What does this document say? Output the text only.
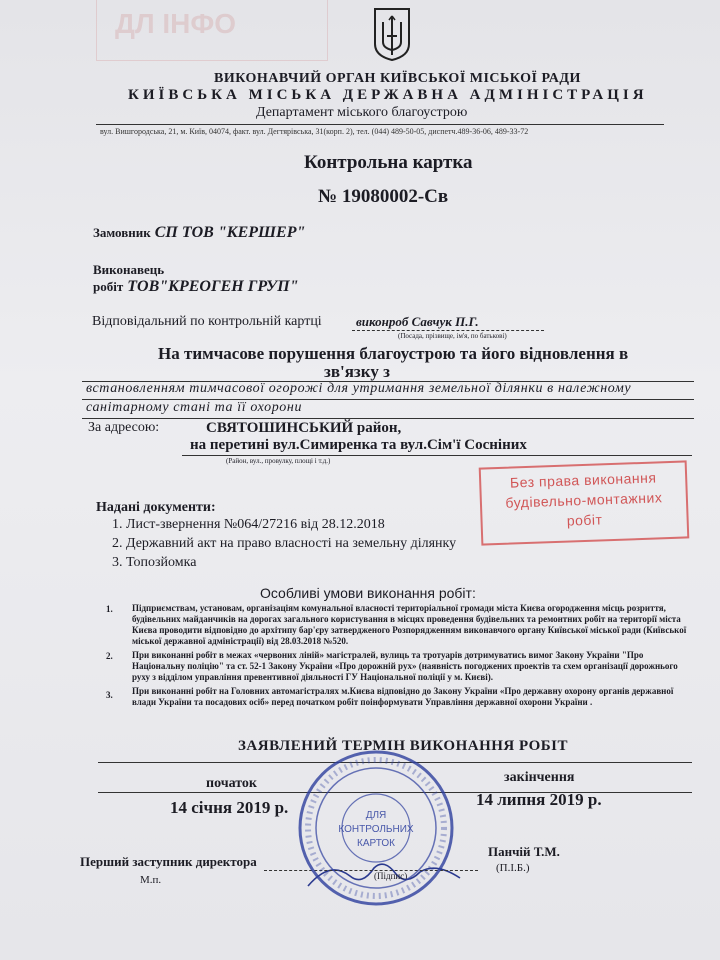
ДЛ ІНФО
ВИКОНАВЧИЙ ОРГАН КИЇВСЬКОЇ МІСЬКОЇ РАДИ
КИЇВСЬКА МІСЬКА ДЕРЖАВНА АДМІНІСТРАЦІЯ
Департамент міського благоустрою
вул. Вишгородська, 21, м. Київ, 04074, факт. вул. Дегтярівська, 31(корп. 2), тел. (044) 489-50-05, диспетч.489-36-06, 489-33-72
Контрольна картка
№ 19080002-Св
Замовник СП ТОВ "КЕРШЕР"
Виконавець
робіт ТОВ"КРЕОГЕН ГРУП"
Відповідальний по контрольній картці	виконроб Савчук П.Г.
(Посада, прізвище, ім'я, по батькові)
На тимчасове порушення благоустрою та його відновлення в
зв'язку з
встановленням тимчасової огорожі для утримання земельної ділянки в належному
санітарному стані та її охорони
За адресою:	СВЯТОШИНСЬКИЙ район,
на перетині вул.Симиренка та вул.Сім'ї Сосніних
(Район, вул., провулку, площі і т.д.)
Без права виконання
будівельно-монтажних
робіт
Надані документи:
1. Лист-звернення №064/27216 від 28.12.2018
2. Державний акт на право власності на земельну ділянку
3. Топозйомка
Особливі умови виконання робіт:
1. Підприємствам, установам, організаціям комунальної власності територіальної громади міста Києва огородження місць розриття, будівельних майданчиків на дорогах загального користування в місцях проведення будівельних та ремонтних робіт на території міста Києва проводити відповідно до архітипу бар'єру затвердженого Розпорядженням виконавчого органу Київської міської ради (Київської міської державної адміністрації) від 28.03.2018 №520.
2. При виконанні робіт в межах «червоних ліній» магістралей, вулиць та тротуарів дотримуватись вимог Закону України "Про Національну поліцію" та ст. 52-1 Закону України «Про дорожній рух» (наявність погоджених проектів та схем організації дорожнього руху з відділом управління превентивної діяльності ГУ Національної поліції у м. Києві).
3. При виконанні робіт на Головних автомагістралях м.Києва відповідно до Закону України «Про державну охорону органів державної влади України та посадових осіб» перед початком робіт поінформувати Управління державної охорони України .
ЗАЯВЛЕНИЙ ТЕРМІН ВИКОНАННЯ РОБІТ
початок	закінчення
14 січня 2019 р.	14 липня 2019 р.
Перший заступник директора
М.п.	(Підпис)
Панчій Т.М.
(П.І.Б.)
ДЛЯ
КОНТРОЛЬНИХ
КАРТОК
